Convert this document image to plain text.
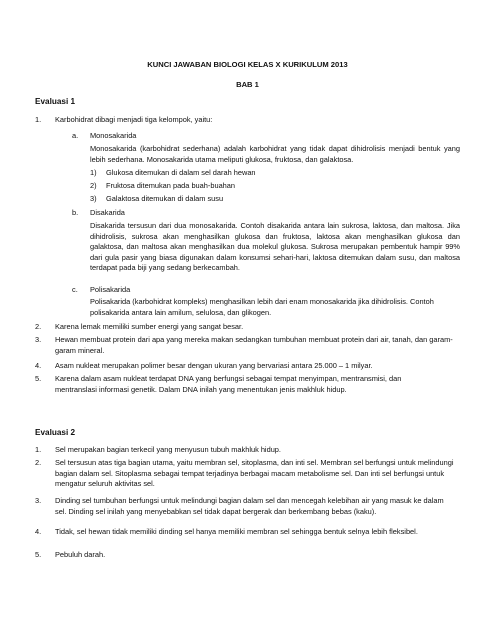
KUNCI JAWABAN BIOLOGI KELAS X KURIKULUM 2013
BAB 1
Evaluasi 1
1. Karbohidrat dibagi menjadi tiga kelompok, yaitu:
a. Monosakarida
Monosakarida (karbohidrat sederhana) adalah karbohidrat yang tidak dapat dihidrolisis menjadi bentuk yang lebih sederhana. Monosakarida utama meliputi glukosa, fruktosa, dan galaktosa.
1) Glukosa ditemukan di dalam sel darah hewan
2) Fruktosa ditemukan pada buah-buahan
3) Galaktosa ditemukan di dalam susu
b. Disakarida
Disakarida tersusun dari dua monosakarida. Contoh disakarida antara lain sukrosa, laktosa, dan maltosa. Jika dihidrolisis, sukrosa akan menghasilkan glukosa dan fruktosa, laktosa akan menghasilkan glukosa dan galaktosa, dan maltosa akan menghasilkan dua molekul glukosa. Sukrosa merupakan pembentuk hampir 99% dari gula pasir yang biasa digunakan dalam konsumsi sehari-hari, laktosa ditemukan dalam susu, dan maltosa terdapat pada biji yang sedang berkecambah.
c. Polisakarida
Polisakarida (karbohidrat kompleks) menghasilkan lebih dari enam monosakarida jika dihidrolisis. Contoh polisakarida antara lain amilum, selulosa, dan glikogen.
2. Karena lemak memiliki sumber energi yang sangat besar.
3. Hewan membuat protein dari apa yang mereka makan sedangkan tumbuhan membuat protein dari air, tanah, dan garam-garam mineral.
4. Asam nukleat merupakan polimer besar dengan ukuran yang bervariasi antara 25.000 – 1 milyar.
5. Karena dalam asam nukleat terdapat DNA yang berfungsi sebagai tempat menyimpan, mentransmisi, dan mentranslasi informasi genetik. Dalam DNA inilah yang menentukan jenis makhluk hidup.
Evaluasi 2
1. Sel merupakan bagian terkecil yang menyusun tubuh makhluk hidup.
2. Sel tersusun atas tiga bagian utama, yaitu membran sel, sitoplasma, dan inti sel. Membran sel berfungsi untuk melindungi bagian dalam sel. Sitoplasma sebagai tempat terjadinya berbagai macam metabolisme sel. Dan inti sel berfungsi untuk mengatur seluruh aktivitas sel.
3. Dinding sel tumbuhan berfungsi untuk melindungi bagian dalam sel dan mencegah kelebihan air yang masuk ke dalam sel. Dinding sel inilah yang menyebabkan sel tidak dapat bergerak dan berkembang bebas (kaku).
4. Tidak, sel hewan tidak memiliki dinding sel hanya memiliki membran sel sehingga bentuk selnya lebih fleksibel.
5. Pebuluh darah.
